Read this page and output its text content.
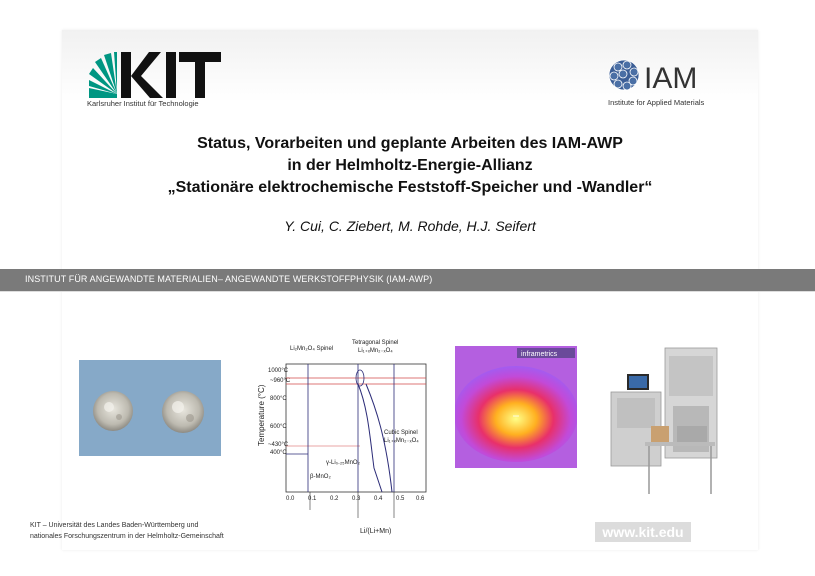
Karlsruher Institut für Technologie
IAM
Institute for Applied Materials
Status, Vorarbeiten und geplante Arbeiten des IAM-AWP
in der Helmholtz-Energie-Allianz
„Stationäre elektrochemische Feststoff-Speicher und -Wandler“
Y. Cui, C. Ziebert, M. Rohde, H.J. Seifert
INSTITUT FÜR ANGEWANDTE MATERIALIEN– ANGEWANDTE WERKSTOFFPHYSIK (IAM-AWP)
Temperature (°C)
1000°C
~960°C
800°C
600°C
~430°C
400°C
0.0 0.1 0.2 0.3 0.4 0.5 0.6
Li/(Li+Mn)
Li₂Mn₂O₄ Spinel
Tetragonal Spinel
Li₁₊ₓMn₂₋ₓO₄
Cubic Spinel
Li₁₊ₓMn₂₋ₓO₄
γ-Li₀.₂₅MnO₂
β-MnO₂
inframetrics
KIT – Universität des Landes Baden-Württemberg und
nationales Forschungszentrum in der Helmholtz-Gemeinschaft	www.kit.edu
